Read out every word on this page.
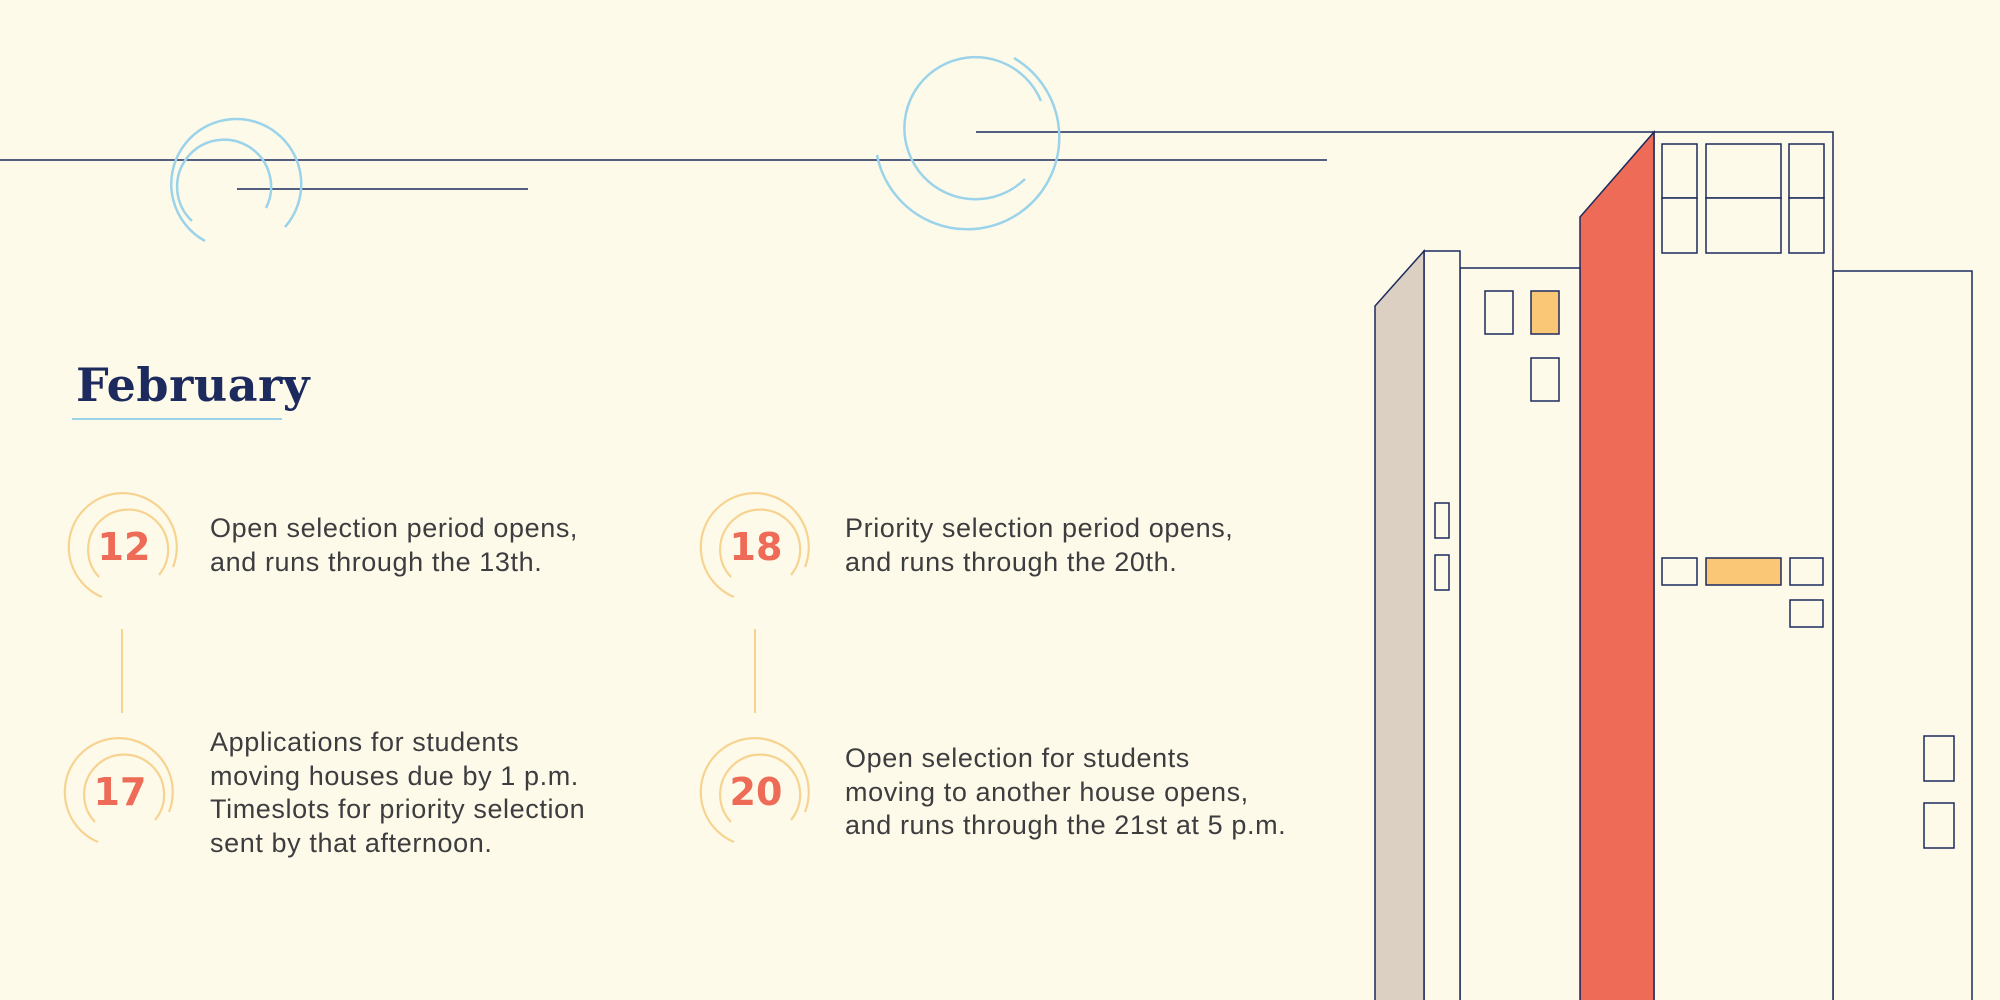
February
12	Open selection period opens,
and runs through the 13th.
17
Applications for students
moving houses due by 1 p.m.
Timeslots for priority selection
sent by that afternoon.
18	Priority selection period opens,
and runs through the 20th.
20
Open selection for students
moving to another house opens,
and runs through the 21st at 5 p.m.
